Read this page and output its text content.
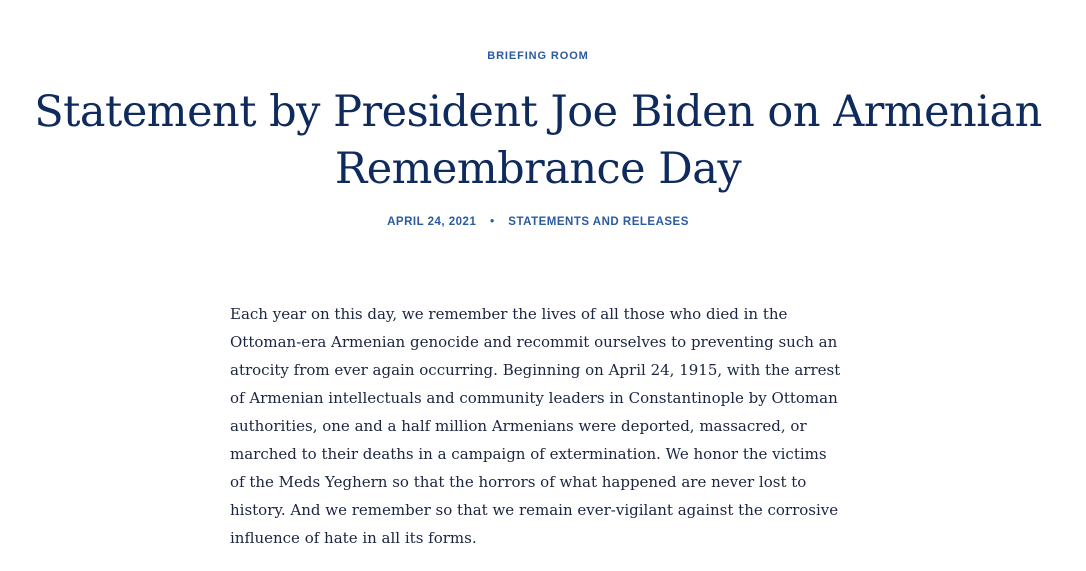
BRIEFING ROOM
Statement by President Joe Biden on Armenian Remembrance Day
APRIL 24, 2021 • STATEMENTS AND RELEASES

Each year on this day, we remember the lives of all those who died in the Ottoman-era Armenian genocide and recommit ourselves to preventing such an atrocity from ever again occurring. Beginning on April 24, 1915, with the arrest of Armenian intellectuals and community leaders in Constantinople by Ottoman authorities, one and a half million Armenians were deported, massacred, or marched to their deaths in a campaign of extermination. We honor the victims of the Meds Yeghern so that the horrors of what happened are never lost to history. And we remember so that we remain ever-vigilant against the corrosive influence of hate in all its forms.
